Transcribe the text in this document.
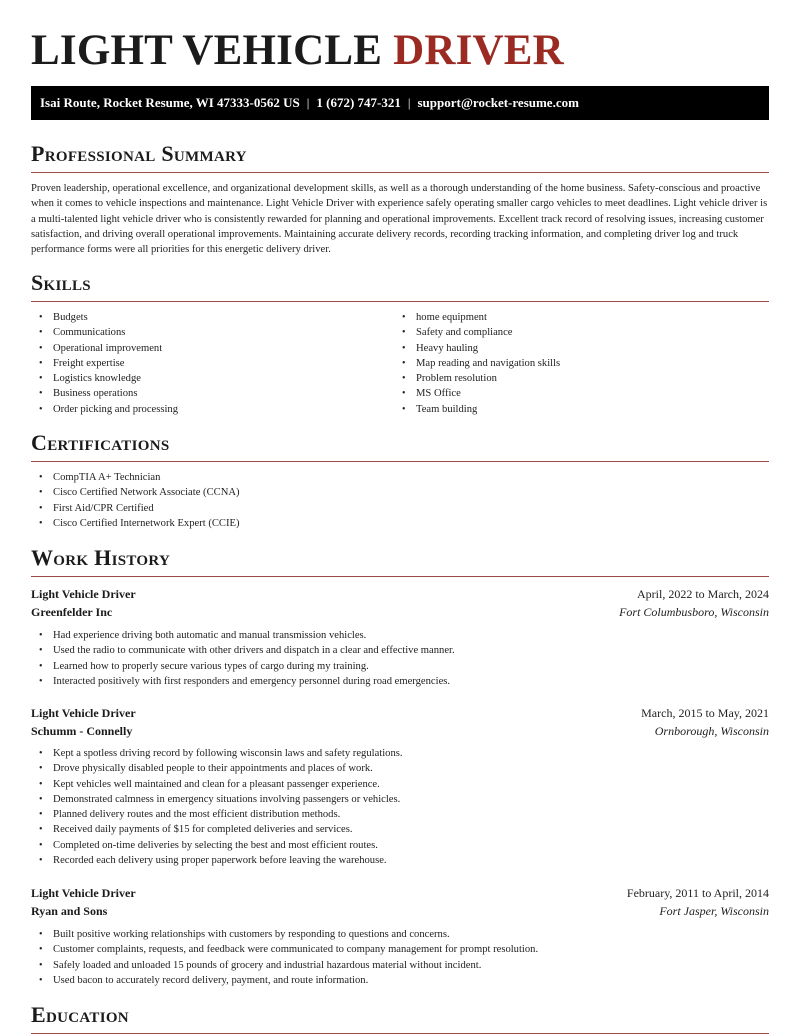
LIGHT VEHICLE DRIVER
Isai Route, Rocket Resume, WI 47333-0562 US | 1 (672) 747-321 | support@rocket-resume.com
Professional Summary

Proven leadership, operational excellence, and organizational development skills, as well as a thorough understanding of the home business. Safety-conscious and proactive when it comes to vehicle inspections and maintenance. Light Vehicle Driver with experience safely operating smaller cargo vehicles to meet deadlines. Light vehicle driver is a multi-talented light vehicle driver who is consistently rewarded for planning and operational improvements. Excellent track record of resolving issues, increasing customer satisfaction, and driving overall operational improvements. Maintaining accurate delivery records, recording tracking information, and completing driver log and truck performance forms were all priorities for this energetic delivery driver.

Skills
• Budgets
• Communications
• Operational improvement
• Freight expertise
• Logistics knowledge
• Business operations
• Order picking and processing
• home equipment
• Safety and compliance
• Heavy hauling
• Map reading and navigation skills
• Problem resolution
• MS Office
• Team building
Certifications
• CompTIA A+ Technician
• Cisco Certified Network Associate (CCNA)
• First Aid/CPR Certified
• Cisco Certified Internetwork Expert (CCIE)
Work History
Light Vehicle Driver	April, 2022 to March, 2024
Greenfelder Inc	Fort Columbusboro, Wisconsin
• Had experience driving both automatic and manual transmission vehicles.
• Used the radio to communicate with other drivers and dispatch in a clear and effective manner.
• Learned how to properly secure various types of cargo during my training.
• Interacted positively with first responders and emergency personnel during road emergencies.
Light Vehicle Driver	March, 2015 to May, 2021
Schumm - Connelly	Ornborough, Wisconsin
• Kept a spotless driving record by following wisconsin laws and safety regulations.
• Drove physically disabled people to their appointments and places of work.
• Kept vehicles well maintained and clean for a pleasant passenger experience.
• Demonstrated calmness in emergency situations involving passengers or vehicles.
• Planned delivery routes and the most efficient distribution methods.
• Received daily payments of $15 for completed deliveries and services.
• Completed on-time deliveries by selecting the best and most efficient routes.
• Recorded each delivery using proper paperwork before leaving the warehouse.
Light Vehicle Driver	February, 2011 to April, 2014
Ryan and Sons	Fort Jasper, Wisconsin
• Built positive working relationships with customers by responding to questions and concerns.
• Customer complaints, requests, and feedback were communicated to company management for prompt resolution.
• Safely loaded and unloaded 15 pounds of grocery and industrial hazardous material without incident.
• Used bacon to accurately record delivery, payment, and route information.
Education
